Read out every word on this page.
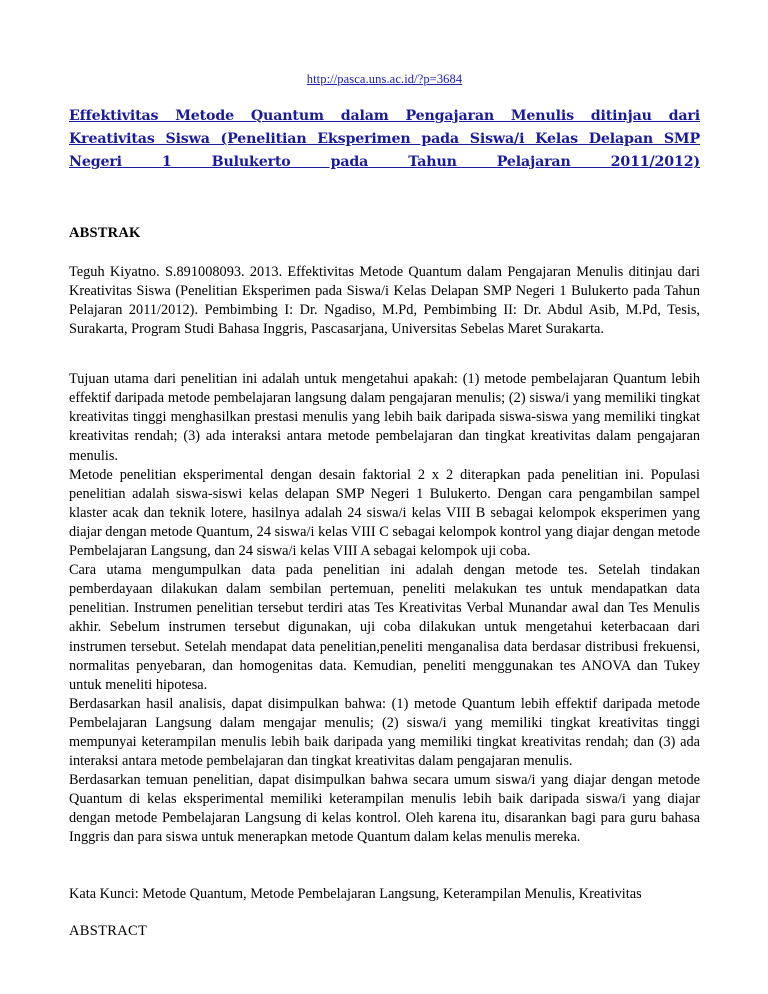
http://pasca.uns.ac.id/?p=3684
Effektivitas Metode Quantum dalam Pengajaran Menulis ditinjau dari Kreativitas Siswa (Penelitian Eksperimen pada Siswa/i Kelas Delapan SMP Negeri 1 Bulukerto pada Tahun Pelajaran 2011/2012)
ABSTRAK
Teguh Kiyatno. S.891008093. 2013. Effektivitas Metode Quantum dalam Pengajaran Menulis ditinjau dari Kreativitas Siswa (Penelitian Eksperimen pada Siswa/i Kelas Delapan SMP Negeri 1 Bulukerto pada Tahun Pelajaran 2011/2012). Pembimbing I: Dr. Ngadiso, M.Pd, Pembimbing II: Dr. Abdul Asib, M.Pd, Tesis, Surakarta, Program Studi Bahasa Inggris, Pascasarjana, Universitas Sebelas Maret Surakarta.
Tujuan utama dari penelitian ini adalah untuk mengetahui apakah: (1) metode pembelajaran Quantum lebih effektif daripada metode pembelajaran langsung dalam pengajaran menulis; (2) siswa/i yang memiliki tingkat kreativitas tinggi menghasilkan prestasi menulis yang lebih baik daripada siswa-siswa yang memiliki tingkat kreativitas rendah; (3) ada interaksi antara metode pembelajaran dan tingkat kreativitas dalam pengajaran menulis.
Metode penelitian eksperimental dengan desain faktorial 2 x 2 diterapkan pada penelitian ini. Populasi penelitian adalah siswa-siswi kelas delapan SMP Negeri 1 Bulukerto. Dengan cara pengambilan sampel klaster acak dan teknik lotere, hasilnya adalah 24 siswa/i kelas VIII B sebagai kelompok eksperimen yang diajar dengan metode Quantum, 24 siswa/i kelas VIII C sebagai kelompok kontrol yang diajar dengan metode Pembelajaran Langsung, dan 24 siswa/i kelas VIII A sebagai kelompok uji coba.
Cara utama mengumpulkan data pada penelitian ini adalah dengan metode tes. Setelah tindakan pemberdayaan dilakukan dalam sembilan pertemuan, peneliti melakukan tes untuk mendapatkan data penelitian. Instrumen penelitian tersebut terdiri atas Tes Kreativitas Verbal Munandar awal dan Tes Menulis akhir. Sebelum instrumen tersebut digunakan, uji coba dilakukan untuk mengetahui keterbacaan dari instrumen tersebut. Setelah mendapat data penelitian,peneliti menganalisa data berdasar distribusi frekuensi, normalitas penyebaran, dan homogenitas data. Kemudian, peneliti menggunakan tes ANOVA dan Tukey untuk meneliti hipotesa.
Berdasarkan hasil analisis, dapat disimpulkan bahwa: (1) metode Quantum lebih effektif daripada metode Pembelajaran Langsung dalam mengajar menulis; (2) siswa/i yang memiliki tingkat kreativitas tinggi mempunyai keterampilan menulis lebih baik daripada yang memiliki tingkat kreativitas rendah; dan (3) ada interaksi antara metode pembelajaran dan tingkat kreativitas dalam pengajaran menulis.
Berdasarkan temuan penelitian, dapat disimpulkan bahwa secara umum siswa/i yang diajar dengan metode Quantum di kelas eksperimental memiliki keterampilan menulis lebih baik daripada siswa/i yang diajar dengan metode Pembelajaran Langsung di kelas kontrol. Oleh karena itu, disarankan bagi para guru bahasa Inggris dan para siswa untuk menerapkan metode Quantum dalam kelas menulis mereka.
Kata Kunci: Metode Quantum, Metode Pembelajaran Langsung, Keterampilan Menulis, Kreativitas
ABSTRACT
